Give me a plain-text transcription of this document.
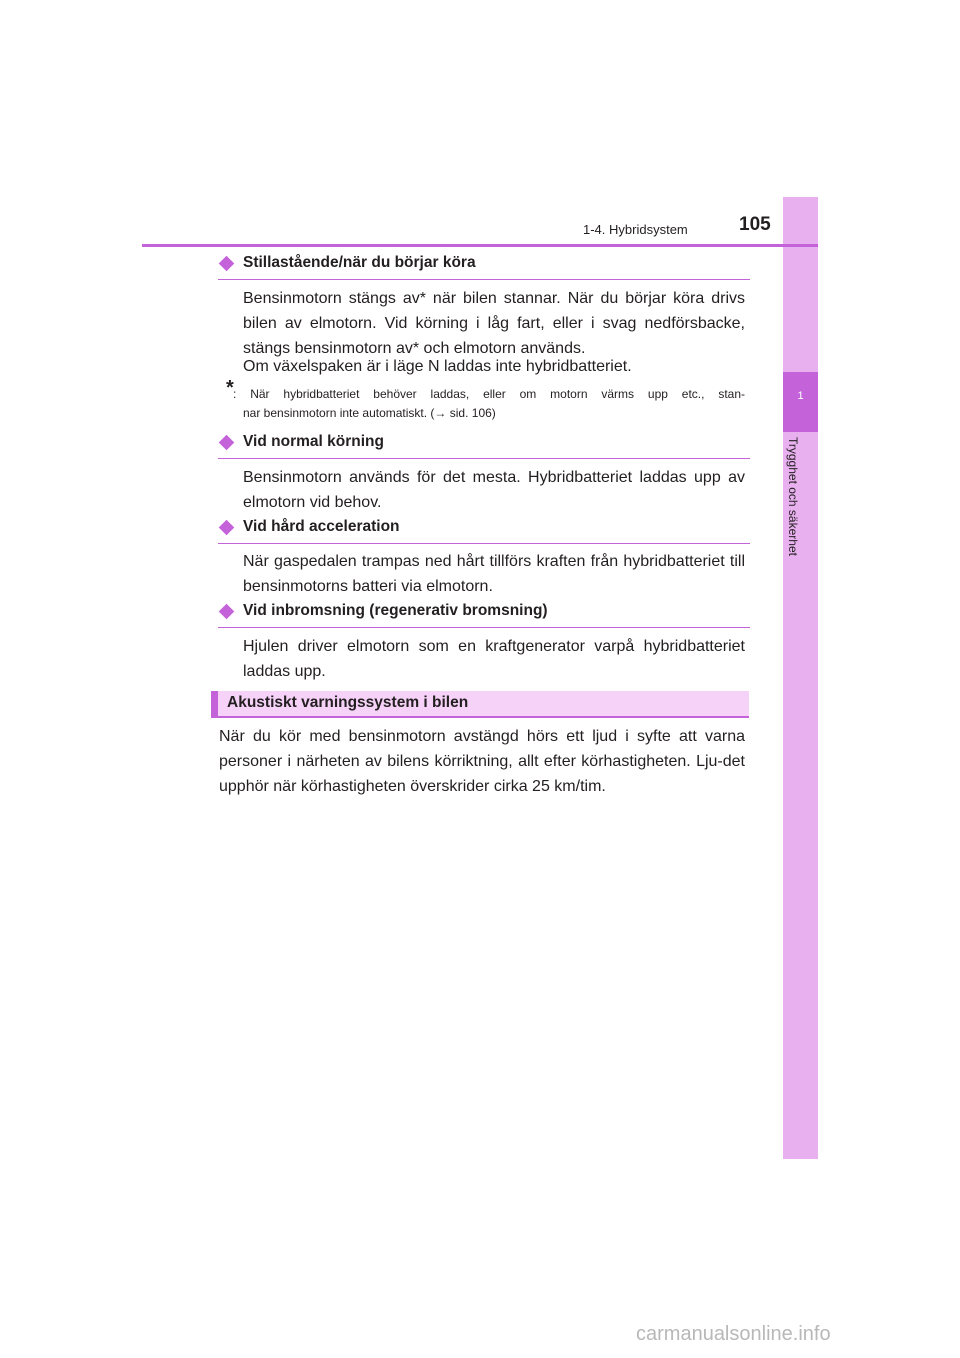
1
Trygghet och säkerhet
1-4. Hybridsystem	105
Stillastående/när du börjar köra
Bensinmotorn stängs av* när bilen stannar. När du börjar köra drivs bilen av elmotorn. Vid körning i låg fart, eller i svag nedförsbacke, stängs bensinmotorn av* och elmotorn används.
Om växelspaken är i läge N laddas inte hybridbatteriet.
* : När hybridbatteriet behöver laddas, eller om motorn värms upp etc., stan-
nar bensinmotorn inte automatiskt. (→ sid. 106)
Vid normal körning
Bensinmotorn används för det mesta. Hybridbatteriet laddas upp av elmotorn vid behov.
Vid hård acceleration
När gaspedalen trampas ned hårt tillförs kraften från hybridbatteriet till bensinmotorns batteri via elmotorn.
Vid inbromsning (regenerativ bromsning)
Hjulen driver elmotorn som en kraftgenerator varpå hybridbatteriet laddas upp.
Akustiskt varningssystem i bilen
När du kör med bensinmotorn avstängd hörs ett ljud i syfte att varna personer i närheten av bilens körriktning, allt efter körhastigheten. Lju-det upphör när körhastigheten överskrider cirka 25 km/tim.
carmanualsonline.info
